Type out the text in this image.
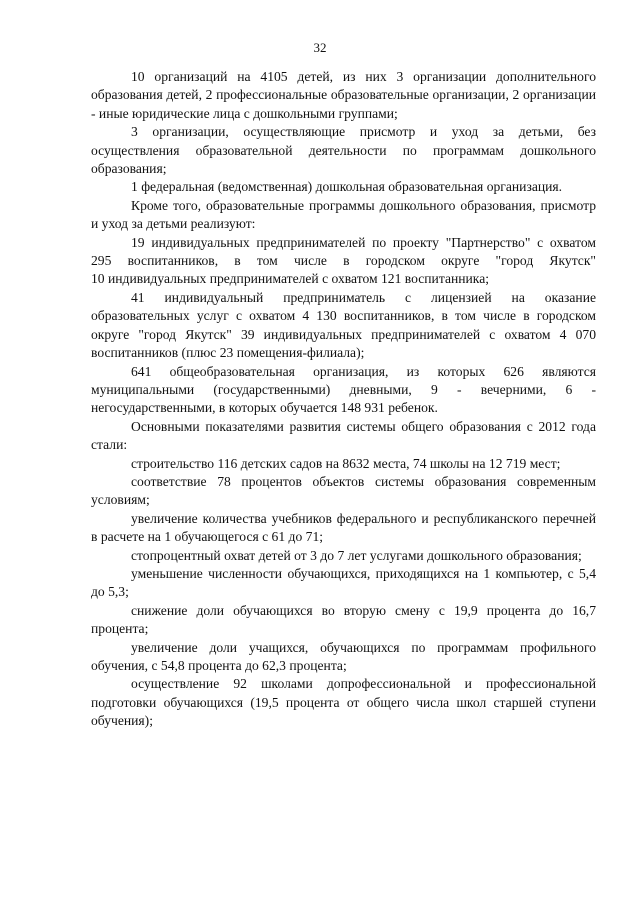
32

10 организаций на 4105 детей, из них 3 организации дополнительного образования детей, 2 профессиональные образовательные организации, 2 организации - иные юридические лица с дошкольными группами;

3 организации, осуществляющие присмотр и уход за детьми, без осуществления образовательной деятельности по программам дошкольного образования;

1 федеральная (ведомственная) дошкольная образовательная организация.

Кроме того, образовательные программы дошкольного образования, присмотр и уход за детьми реализуют:

19 индивидуальных предпринимателей по проекту "Партнерство" с охватом 295 воспитанников, в том числе в городском округе "город Якутск"

10 индивидуальных предпринимателей с охватом 121 воспитанника;

41 индивидуальный предприниматель с лицензией на оказание образовательных услуг с охватом 4 130 воспитанников, в том числе в городском округе "город Якутск" 39 индивидуальных предпринимателей с охватом 4 070 воспитанников (плюс 23 помещения-филиала);

641 общеобразовательная организация, из которых 626 являются муниципальными (государственными) дневными, 9 - вечерними, 6 - негосударственными, в которых обучается 148 931 ребенок.

Основными показателями развития системы общего образования с 2012 года стали:

строительство 116 детских садов на 8632 места, 74 школы на 12 719 мест;

соответствие 78 процентов объектов системы образования современным условиям;

увеличение количества учебников федерального и республиканского перечней в расчете на 1 обучающегося с 61 до 71;

стопроцентный охват детей от 3 до 7 лет услугами дошкольного образования;

уменьшение численности обучающихся, приходящихся на 1 компьютер, с 5,4 до 5,3;

снижение доли обучающихся во вторую смену с 19,9 процента до 16,7 процента;

увеличение доли учащихся, обучающихся по программам профильного обучения, с 54,8 процента до 62,3 процента;

осуществление 92 школами допрофессиональной и профессиональной подготовки обучающихся (19,5 процента от общего числа школ старшей ступени обучения);
